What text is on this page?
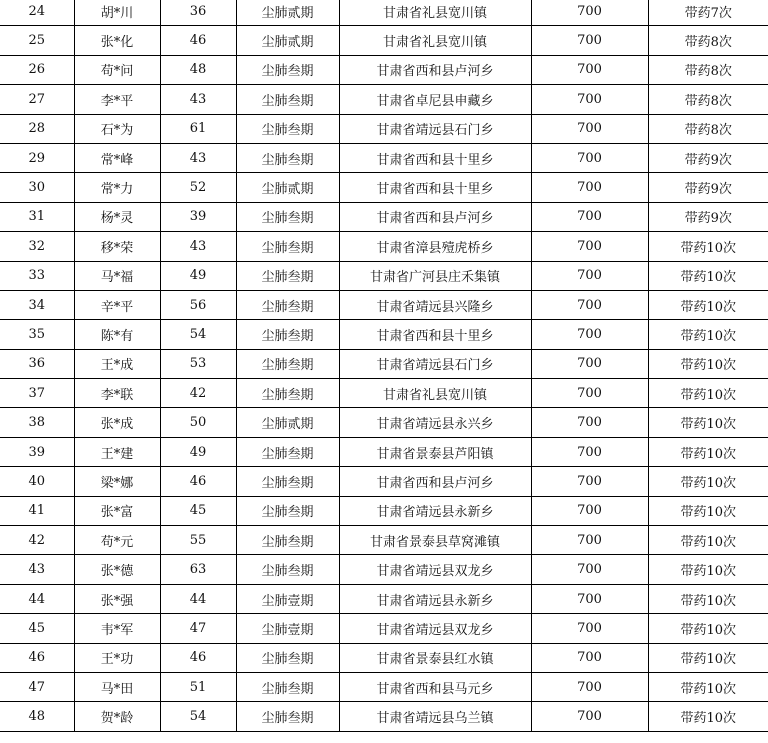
24	胡*川	36	尘肺贰期	甘肃省礼县宽川镇	700	带药7次
25	张*化	46	尘肺贰期	甘肃省礼县宽川镇	700	带药8次
26	苟*问	48	尘肺叁期	甘肃省西和县卢河乡	700	带药8次
27	李*平	43	尘肺叁期	甘肃省卓尼县申藏乡	700	带药8次
28	石*为	61	尘肺叁期	甘肃省靖远县石门乡	700	带药8次
29	常*峰	43	尘肺叁期	甘肃省西和县十里乡	700	带药9次
30	常*力	52	尘肺贰期	甘肃省西和县十里乡	700	带药9次
31	杨*灵	39	尘肺叁期	甘肃省西和县卢河乡	700	带药9次
32	移*荣	43	尘肺叁期	甘肃省漳县殪虎桥乡	700	带药10次
33	马*福	49	尘肺叁期	甘肃省广河县庄禾集镇	700	带药10次
34	辛*平	56	尘肺叁期	甘肃省靖远县兴隆乡	700	带药10次
35	陈*有	54	尘肺叁期	甘肃省西和县十里乡	700	带药10次
36	王*成	53	尘肺叁期	甘肃省靖远县石门乡	700	带药10次
37	李*联	42	尘肺叁期	甘肃省礼县宽川镇	700	带药10次
38	张*成	50	尘肺贰期	甘肃省靖远县永兴乡	700	带药10次
39	王*建	49	尘肺叁期	甘肃省景泰县芦阳镇	700	带药10次
40	梁*娜	46	尘肺叁期	甘肃省西和县卢河乡	700	带药10次
41	张*富	45	尘肺叁期	甘肃省靖远县永新乡	700	带药10次
42	苟*元	55	尘肺叁期	甘肃省景泰县草窝滩镇	700	带药10次
43	张*德	63	尘肺叁期	甘肃省靖远县双龙乡	700	带药10次
44	张*强	44	尘肺壹期	甘肃省靖远县永新乡	700	带药10次
45	韦*军	47	尘肺壹期	甘肃省靖远县双龙乡	700	带药10次
46	王*功	46	尘肺叁期	甘肃省景泰县红水镇	700	带药10次
47	马*田	51	尘肺叁期	甘肃省西和县马元乡	700	带药10次
48	贺*龄	54	尘肺叁期	甘肃省靖远县乌兰镇	700	带药10次
